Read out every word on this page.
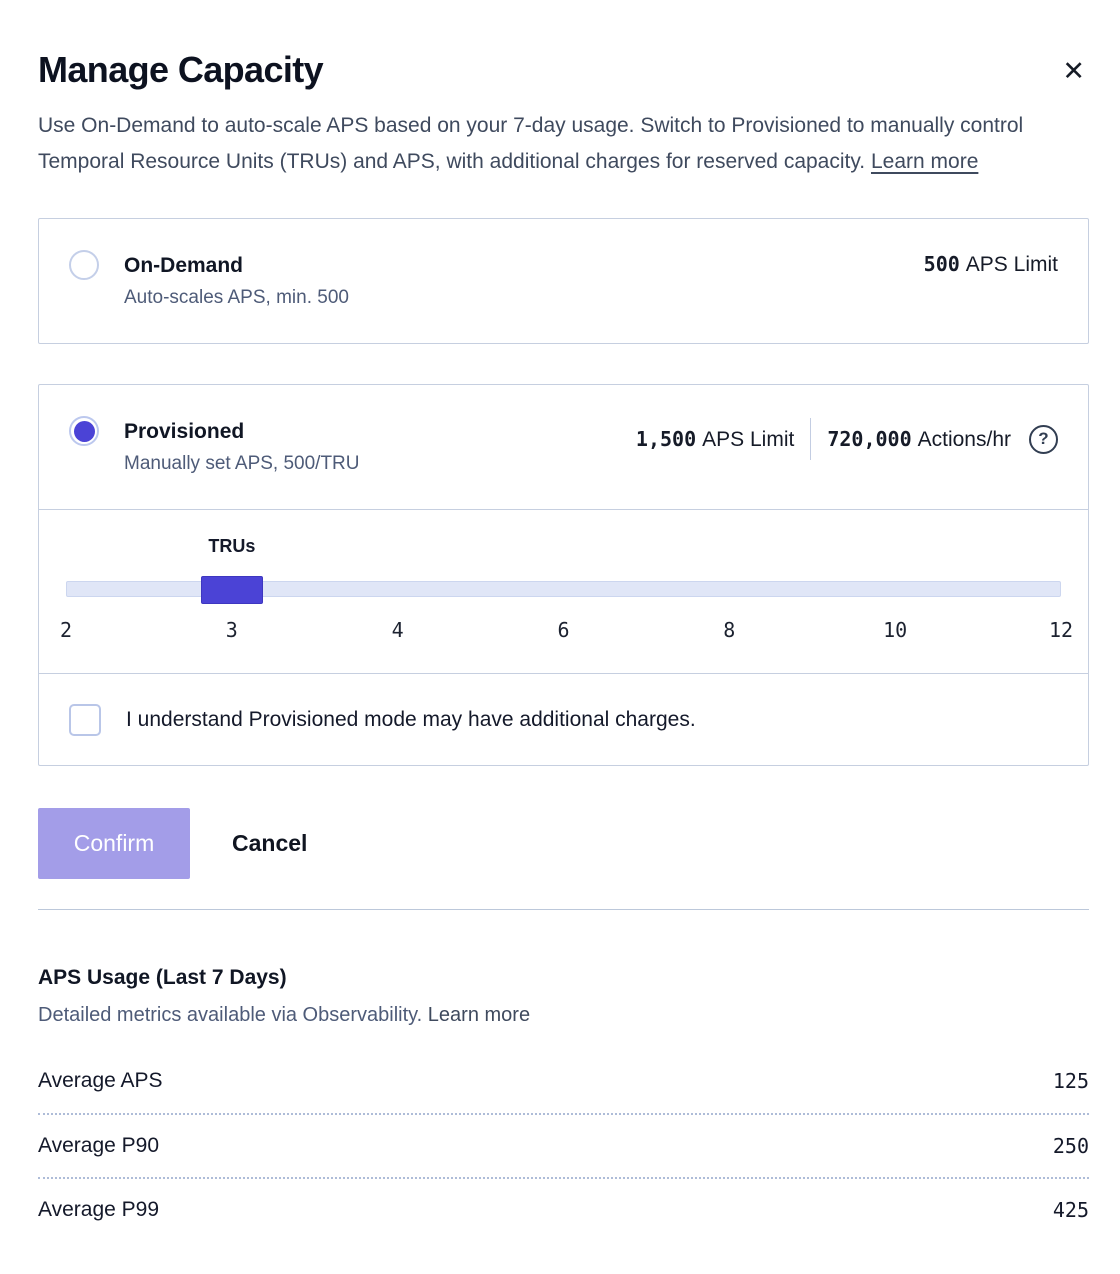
Manage Capacity	✕
Use On-Demand to auto-scale APS based on your 7-day usage. Switch to Provisioned to manually control Temporal Resource Units (TRUs) and APS, with additional charges for reserved capacity. Learn more
On-Demand
Auto-scales APS, min. 500
500 APS Limit
Provisioned
Manually set APS, 500/TRU
1,500 APS Limit 720,000 Actions/hr ?
TRUs
2	3	4	6	8	10	12
I understand Provisioned mode may have additional charges.
Confirm	Cancel
APS Usage (Last 7 Days)
Detailed metrics available via Observability. Learn more
Average APS	125
Average P90	250
Average P99	425
